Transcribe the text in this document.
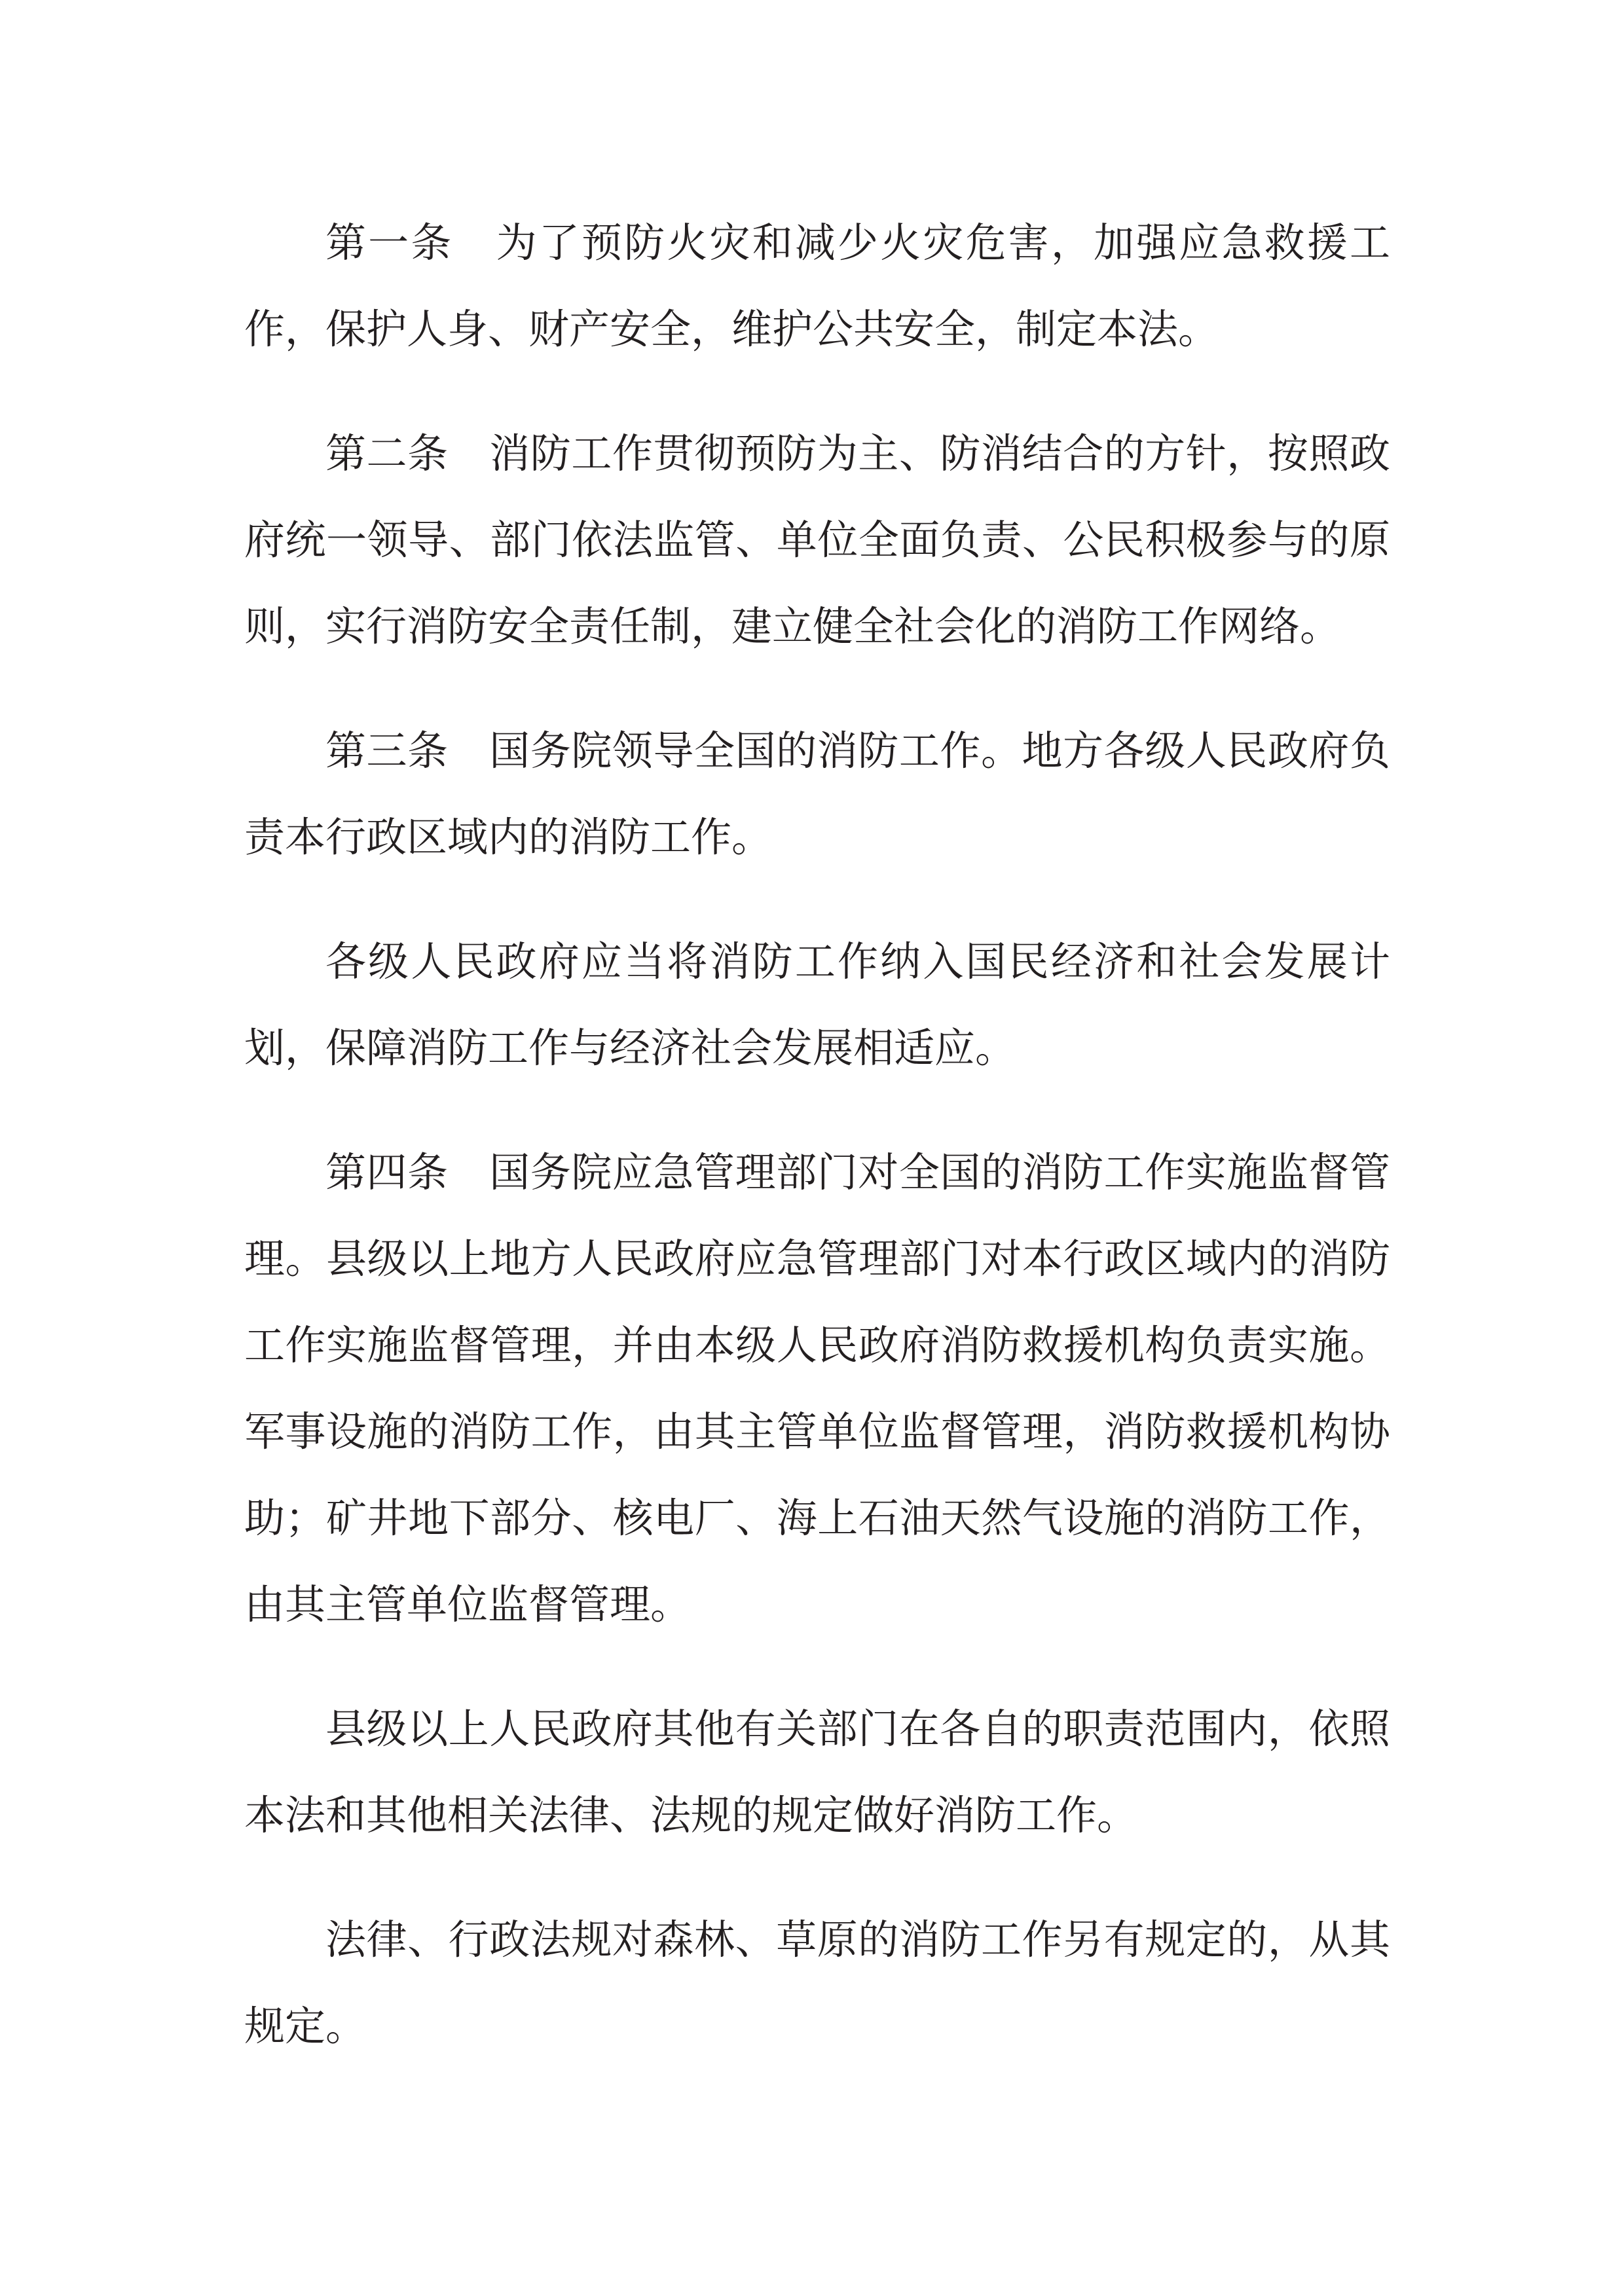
第一条　为了预防火灾和减少火灾危害，加强应急救援工作，保护人身、财产安全，维护公共安全，制定本法。

第二条　消防工作贯彻预防为主、防消结合的方针，按照政府统一领导、部门依法监管、单位全面负责、公民积极参与的原则，实行消防安全责任制，建立健全社会化的消防工作网络。

第三条　国务院领导全国的消防工作。地方各级人民政府负责本行政区域内的消防工作。

各级人民政府应当将消防工作纳入国民经济和社会发展计划，保障消防工作与经济社会发展相适应。

第四条　国务院应急管理部门对全国的消防工作实施监督管理。县级以上地方人民政府应急管理部门对本行政区域内的消防工作实施监督管理，并由本级人民政府消防救援机构负责实施。军事设施的消防工作，由其主管单位监督管理，消防救援机构协助；矿井地下部分、核电厂、海上石油天然气设施的消防工作，由其主管单位监督管理。

县级以上人民政府其他有关部门在各自的职责范围内，依照本法和其他相关法律、法规的规定做好消防工作。

法律、行政法规对森林、草原的消防工作另有规定的，从其规定。
